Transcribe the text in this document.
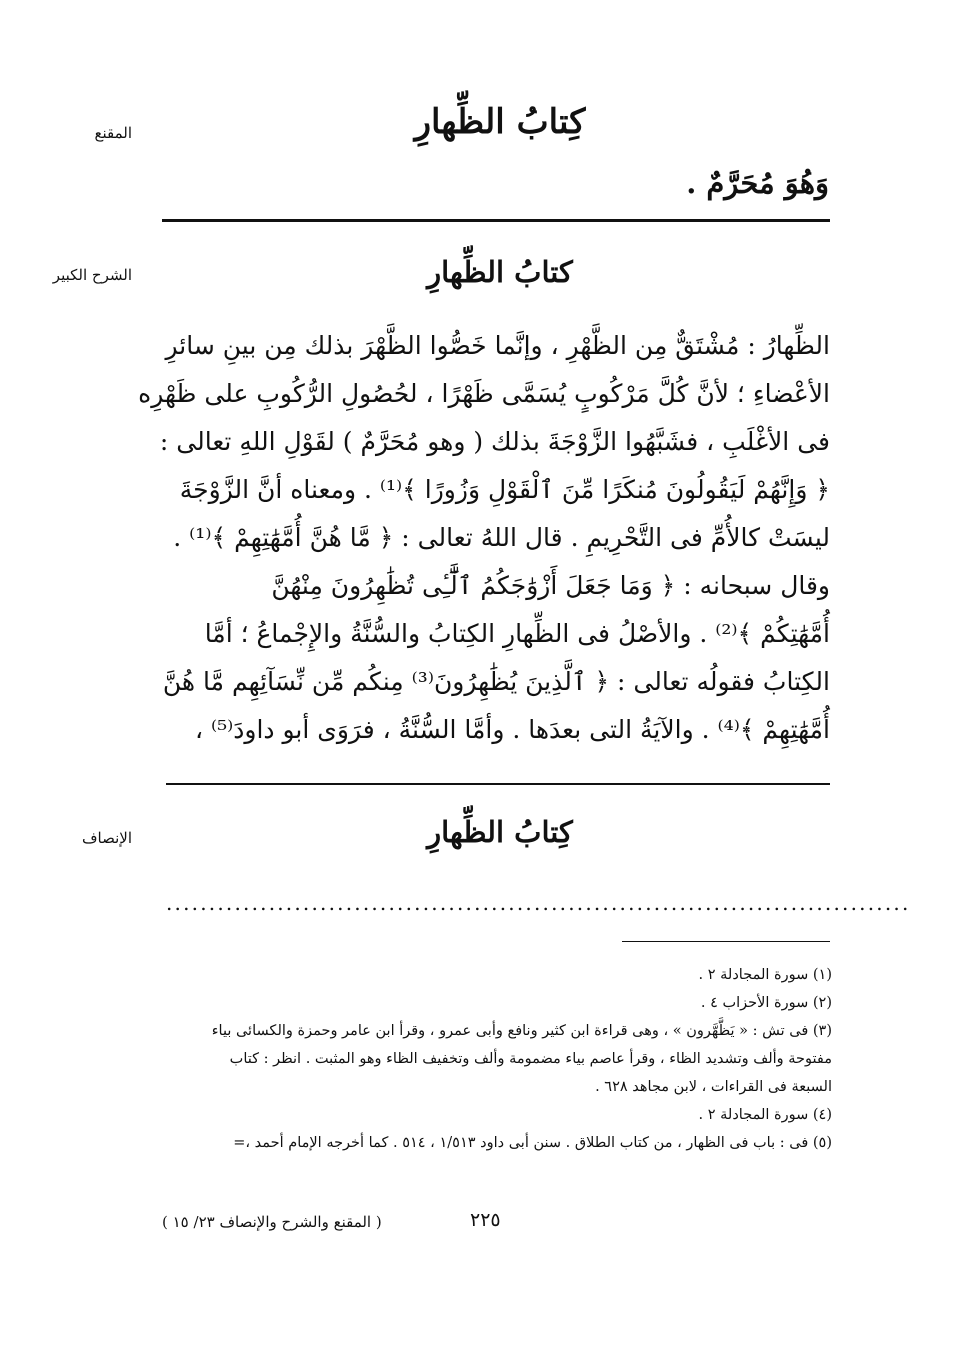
المقنع
الشرح الكبير
الإنصاف
كِتابُ الظِّهارِ
وَهُوَ مُحَرَّمٌ .
كتابُ الظِّهارِ
الظِّهارُ : مُشْتَقٌّ مِن الظَّهْرِ ، وإنَّما خَصُّوا الظَّهْرَ بذلك مِن بينِ سائرِ
الأعْضاءِ ؛ لأنَّ كُلَّ مَرْكُوبٍ يُسَمَّى ظَهْرًا ، لحُصُولِ الرُّكُوبِ على ظَهْرِه
فى الأغْلَبِ ، فشَبَّهُوا الزَّوْجَةَ بذلك ( وهو مُحَرَّمٌ ) لقَوْلِ اللهِ تعالى :
﴿ وَإِنَّهُمْ لَيَقُولُونَ مُنكَرًا مِّنَ ٱلْقَوْلِ وَزُورًا ﴾⁽¹⁾ . ومعناه أنَّ الزَّوْجَةَ
ليسَتْ كالأُمِّ فى التَّحْرِيمِ . قال اللهُ تعالى : ﴿ مَّا هُنَّ أُمَّهَٰتِهِمْ ﴾⁽¹⁾ .
وقال سبحانه : ﴿ وَمَا جَعَلَ أَزْوَٰجَكُمُ ٱلَّٰٓـِٔى تُظَٰهِرُونَ مِنْهُنَّ
أُمَّهَٰتِكُمْ ﴾⁽²⁾ . والأصْلُ فى الظِّهارِ الكِتابُ والسُّنَّةُ والإِجْماعُ ؛ أمَّا
الكِتابُ فقولُه تعالى : ﴿ ٱلَّذِينَ يُظَٰهِرُونَ⁽³⁾ مِنكُم مِّن نِّسَآئِهِم مَّا هُنَّ
أُمَّهَٰتِهِمْ ﴾⁽⁴⁾ . والآيَةُ التى بعدَها . وأمَّا السُّنَّةُ ، فرَوَى أبو داودَ⁽⁵⁾ ،
كِتابُ الظِّهارِ
.......................................................................................
(١) سورة المجادلة ٢ .
(٢) سورة الأحزاب ٤ .
(٣) فى تش : « يَظَّهَّرون » ، وهى قراءة ابن كثير ونافع وأبى عمرو ، وقرأ ابن عامر وحمزة والكسائى بياء
مفتوحة وألف وتشديد الظاء ، وقرأ عاصم بياء مضمومة وألف وتخفيف الظاء وهو المثبت . انظر : كتاب
السبعة فى القراءات ، لابن مجاهد ٦٢٨ .
(٤) سورة المجادلة ٢ .
(٥) فى : باب فى الظهار ، من كتاب الطلاق . سنن أبى داود ١/٥١٣ ، ٥١٤ . كما أخرجه الإمام أحمد ،=
٢٢٥
( المقنع والشرح والإنصاف ٢٣/ ١٥ )
